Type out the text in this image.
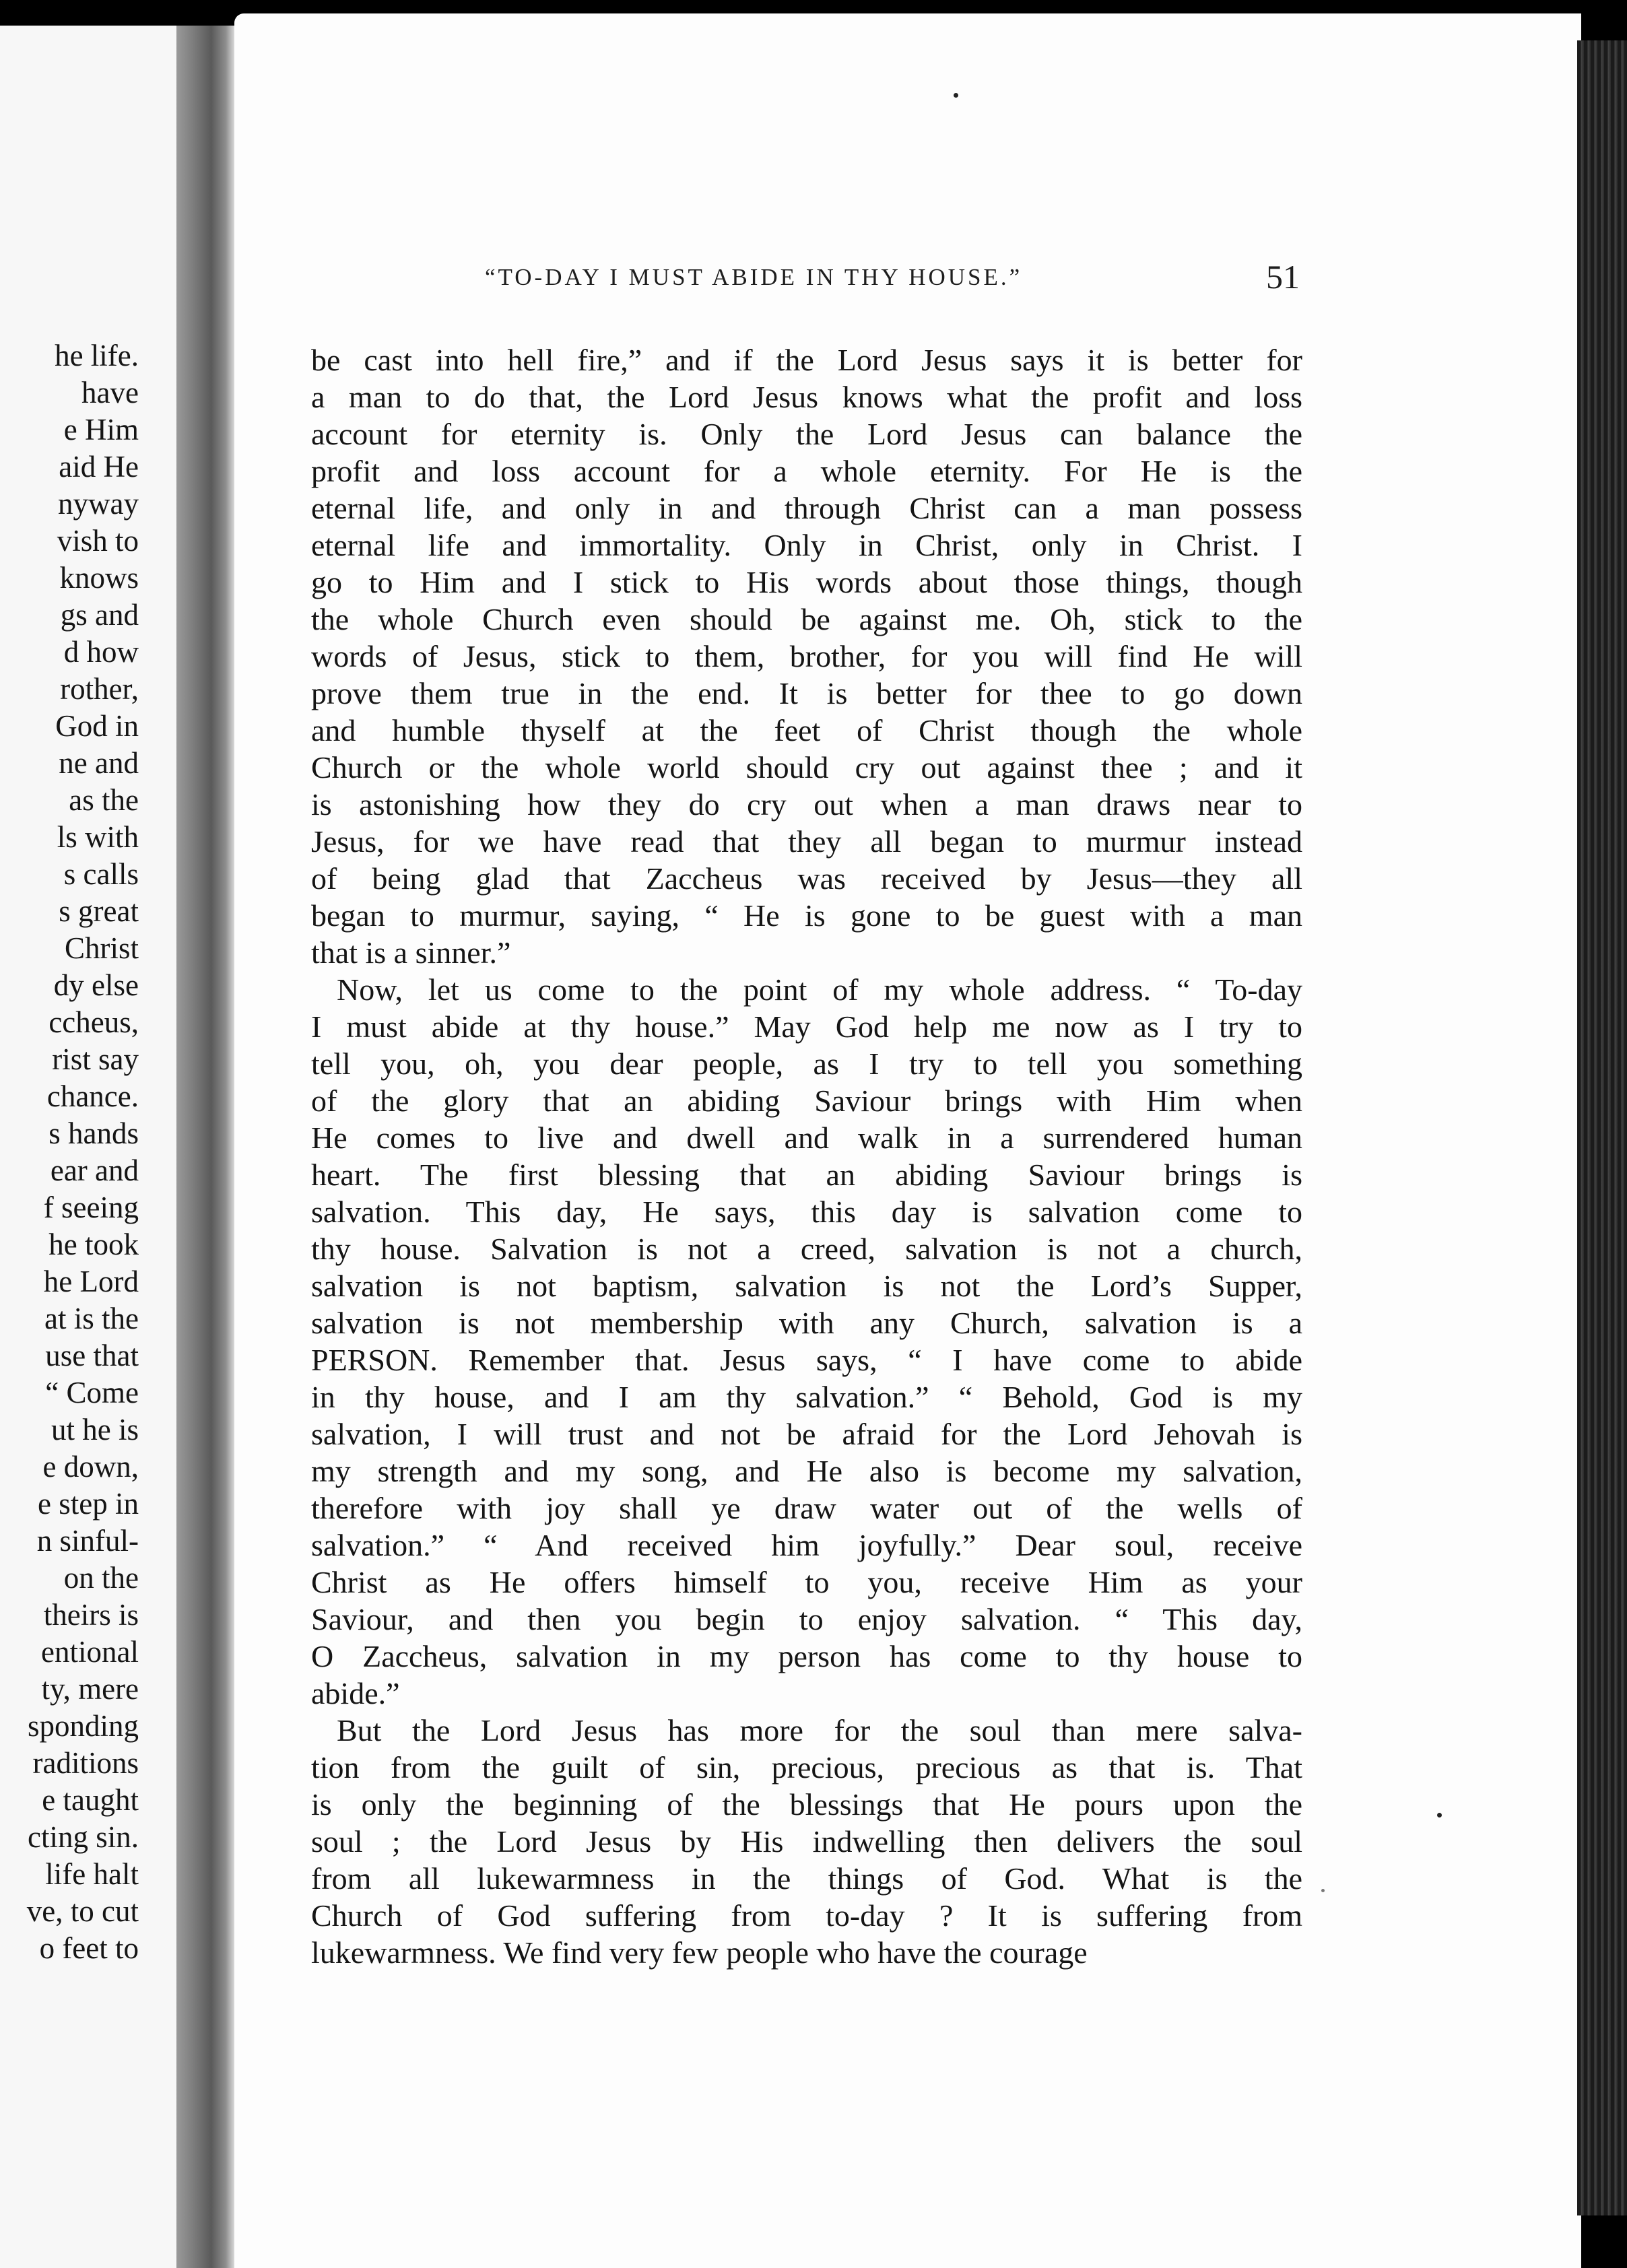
he life.
have
e Him
aid He
nyway
vish to
knows
gs and
d how
rother,
God in
ne and
as the
ls with
s calls
s great
Christ
dy else
ccheus,
rist say
chance.
s hands
ear and
f seeing
he took
he Lord
at is the
use that
“ Come
ut he is
e down,
e step in
n sinful-
on the
theirs is
entional
ty, mere
sponding
raditions
e taught
cting sin.
life halt
ve, to cut
o feet to
“TO-DAY I MUST ABIDE IN THY HOUSE.”	51
be cast into hell fire,” and if the Lord Jesus says it is better for
a man to do that, the Lord Jesus knows what the profit and loss
account for eternity is. Only the Lord Jesus can balance the
profit and loss account for a whole eternity. For He is the
eternal life, and only in and through Christ can a man possess
eternal life and immortality. Only in Christ, only in Christ. I
go to Him and I stick to His words about those things, though
the whole Church even should be against me. Oh, stick to the
words of Jesus, stick to them, brother, for you will find He will
prove them true in the end. It is better for thee to go down
and humble thyself at the feet of Christ though the whole
Church or the whole world should cry out against thee ; and it
is astonishing how they do cry out when a man draws near to
Jesus, for we have read that they all began to murmur instead
of being glad that Zaccheus was received by Jesus—they all
began to murmur, saying, “ He is gone to be guest with a man
that is a sinner.”
Now, let us come to the point of my whole address. “ To-day
I must abide at thy house.” May God help me now as I try to
tell you, oh, you dear people, as I try to tell you something
of the glory that an abiding Saviour brings with Him when
He comes to live and dwell and walk in a surrendered human
heart. The first blessing that an abiding Saviour brings is
salvation. This day, He says, this day is salvation come to
thy house. Salvation is not a creed, salvation is not a church,
salvation is not baptism, salvation is not the Lord’s Supper,
salvation is not membership with any Church, salvation is a
PERSON. Remember that. Jesus says, “ I have come to abide
in thy house, and I am thy salvation.” “ Behold, God is my
salvation, I will trust and not be afraid for the Lord Jehovah is
my strength and my song, and He also is become my salvation,
therefore with joy shall ye draw water out of the wells of
salvation.” “ And received him joyfully.” Dear soul, receive
Christ as He offers himself to you, receive Him as your
Saviour, and then you begin to enjoy salvation. “ This day,
O Zaccheus, salvation in my person has come to thy house to
abide.”
But the Lord Jesus has more for the soul than mere salva-
tion from the guilt of sin, precious, precious as that is. That
is only the beginning of the blessings that He pours upon the
soul ; the Lord Jesus by His indwelling then delivers the soul
from all lukewarmness in the things of God. What is the
Church of God suffering from to-day ? It is suffering from
lukewarmness. We find very few people who have the courage
